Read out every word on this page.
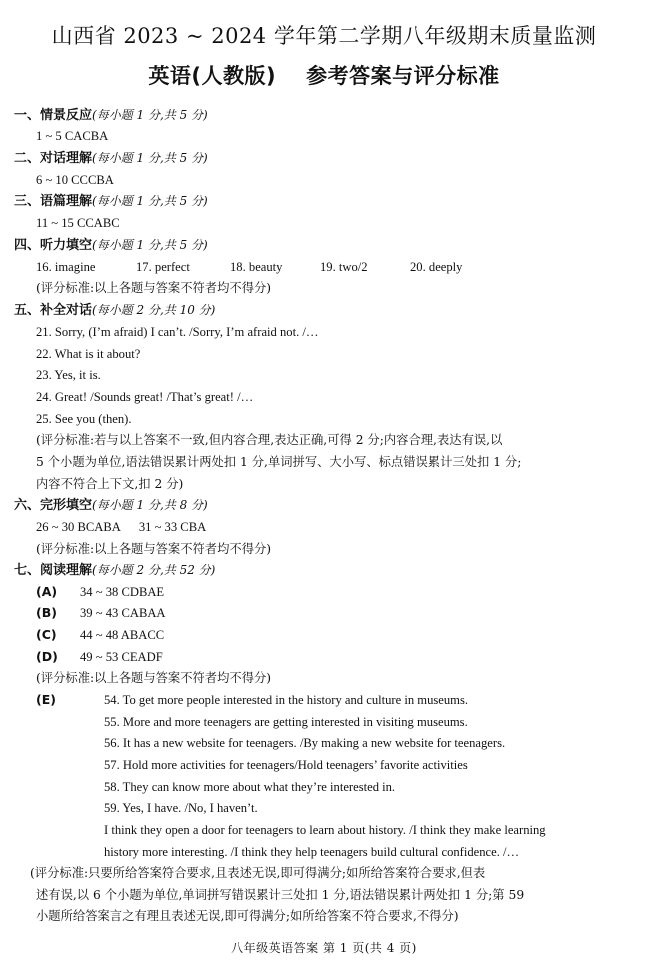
山西省 2023 ~ 2024 学年第二学期八年级期末质量监测
英语(人教版) 参考答案与评分标准
一、情景反应(每小题 1 分,共 5 分)
1 ~ 5 CACBA
二、对话理解(每小题 1 分,共 5 分)
6 ~ 10 CCCBA
三、语篇理解(每小题 1 分,共 5 分)
11 ~ 15 CCABC
四、听力填空(每小题 1 分,共 5 分)
16. imagine	17. perfect	18. beauty	19. two/2	20. deeply
(评分标准:以上各题与答案不符者均不得分)
五、补全对话(每小题 2 分,共 10 分)
21. Sorry, (I’m afraid) I can’t. /Sorry, I’m afraid not. /…
22. What is it about?
23. Yes, it is.
24. Great! /Sounds great! /That’s great! /…
25. See you (then).
(评分标准:若与以上答案不一致,但内容合理,表达正确,可得 2 分;内容合理,表达有误,以
5 个小题为单位,语法错误累计两处扣 1 分,单词拼写、大小写、标点错误累计三处扣 1 分;
内容不符合上下文,扣 2 分)
六、完形填空(每小题 1 分,共 8 分)
26 ~ 30 BCABA 31 ~ 33 CBA
(评分标准:以上各题与答案不符者均不得分)
七、阅读理解(每小题 2 分,共 52 分)
(A) 34 ~ 38 CDBAE
(B) 39 ~ 43 CABAA
(C) 44 ~ 48 ABACC
(D) 49 ~ 53 CEADF
(评分标准:以上各题与答案不符者均不得分)
(E)	54. To get more people interested in the history and culture in museums.
55. More and more teenagers are getting interested in visiting museums.
56. It has a new website for teenagers. /By making a new website for teenagers.
57. Hold more activities for teenagers/Hold teenagers’ favorite activities
58. They can know more about what they’re interested in.
59. Yes, I have. /No, I haven’t.
I think they open a door for teenagers to learn about history. /I think they make learning
history more interesting. /I think they help teenagers build cultural confidence. /…
(评分标准:只要所给答案符合要求,且表述无误,即可得满分;如所给答案符合要求,但表
述有误,以 6 个小题为单位,单词拼写错误累计三处扣 1 分,语法错误累计两处扣 1 分;第 59
小题所给答案言之有理且表述无误,即可得满分;如所给答案不符合要求,不得分)
八年级英语答案 第 1 页(共 4 页)
